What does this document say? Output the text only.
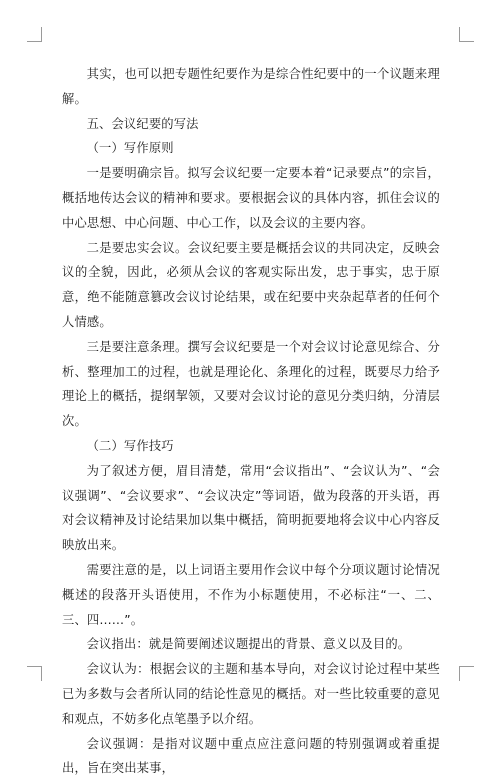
其实，也可以把专题性纪要作为是综合性纪要中的一个议题来理解。

五、会议纪要的写法

（一）写作原则

一是要明确宗旨。拟写会议纪要一定要本着“记录要点”的宗旨，概括地传达会议的精神和要求。要根据会议的具体内容，抓住会议的中心思想、中心问题、中心工作，以及会议的主要内容。

二是要忠实会议。会议纪要主要是概括会议的共同决定，反映会议的全貌，因此，必须从会议的客观实际出发，忠于事实，忠于原意，绝不能随意篡改会议讨论结果，或在纪要中夹杂起草者的任何个人情感。

三是要注意条理。撰写会议纪要是一个对会议讨论意见综合、分析、整理加工的过程，也就是理论化、条理化的过程，既要尽力给予理论上的概括，提纲挈领，又要对会议讨论的意见分类归纳，分清层次。

（二）写作技巧

为了叙述方便，眉目清楚，常用“会议指出”、“会议认为”、“会议强调”、“会议要求”、“会议决定”等词语，做为段落的开头语，再对会议精神及讨论结果加以集中概括，简明扼要地将会议中心内容反映放出来。

需要注意的是，以上词语主要用作会议中每个分项议题讨论情况概述的段落开头语使用，不作为小标题使用，不必标注“一、二、三、四……”。

会议指出：就是简要阐述议题提出的背景、意义以及目的。

会议认为：根据会议的主题和基本导向，对会议讨论过程中某些已为多数与会者所认同的结论性意见的概括。对一些比较重要的意见和观点，不妨多化点笔墨予以介绍。

会议强调：是指对议题中重点应注意问题的特别强调或着重提出，旨在突出某事，
